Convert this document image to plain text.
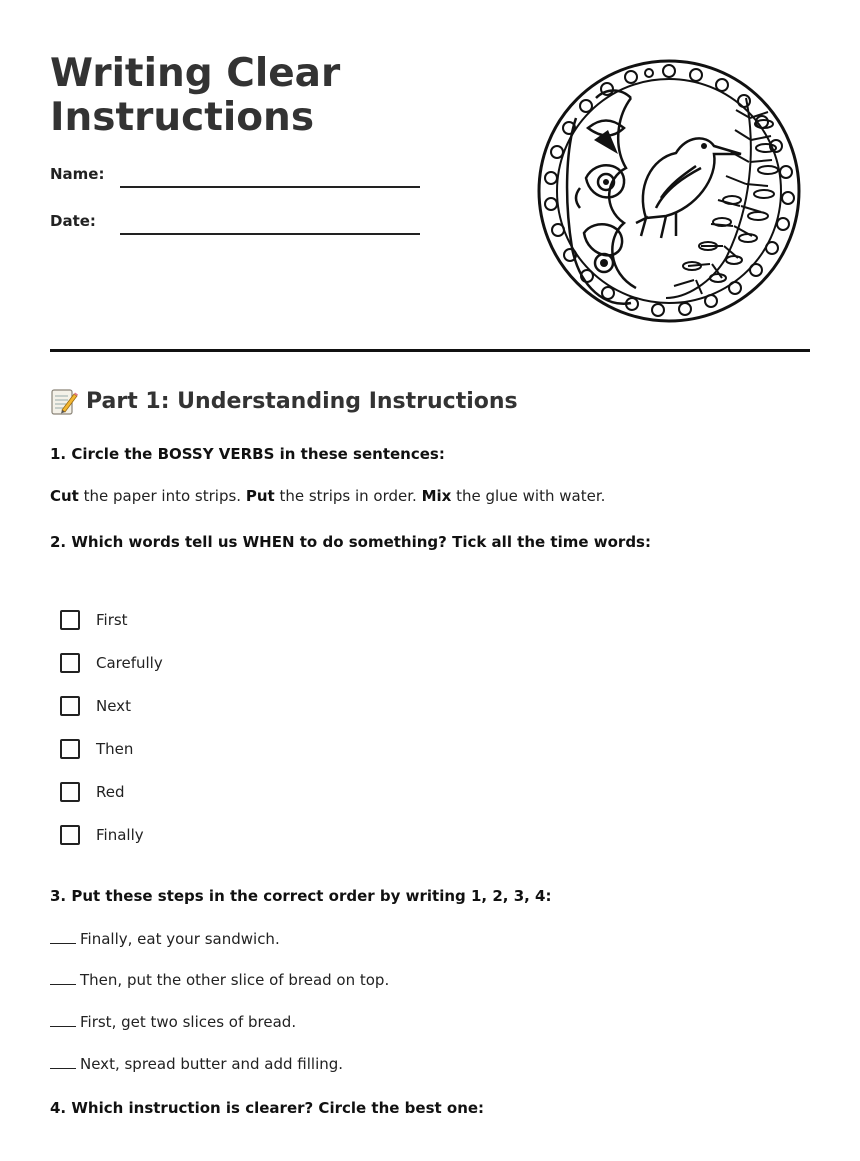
Writing Clear
Instructions
Name:
Date:
Part 1: Understanding Instructions
1. Circle the BOSSY VERBS in these sentences:
Cut the paper into strips. Put the strips in order. Mix the glue with water.
2. Which words tell us WHEN to do something? Tick all the time words:
First
Carefully
Next
Then
Red
Finally
3. Put these steps in the correct order by writing 1, 2, 3, 4:
Finally, eat your sandwich.
Then, put the other slice of bread on top.
First, get two slices of bread.
Next, spread butter and add filling.
4. Which instruction is clearer? Circle the best one:
